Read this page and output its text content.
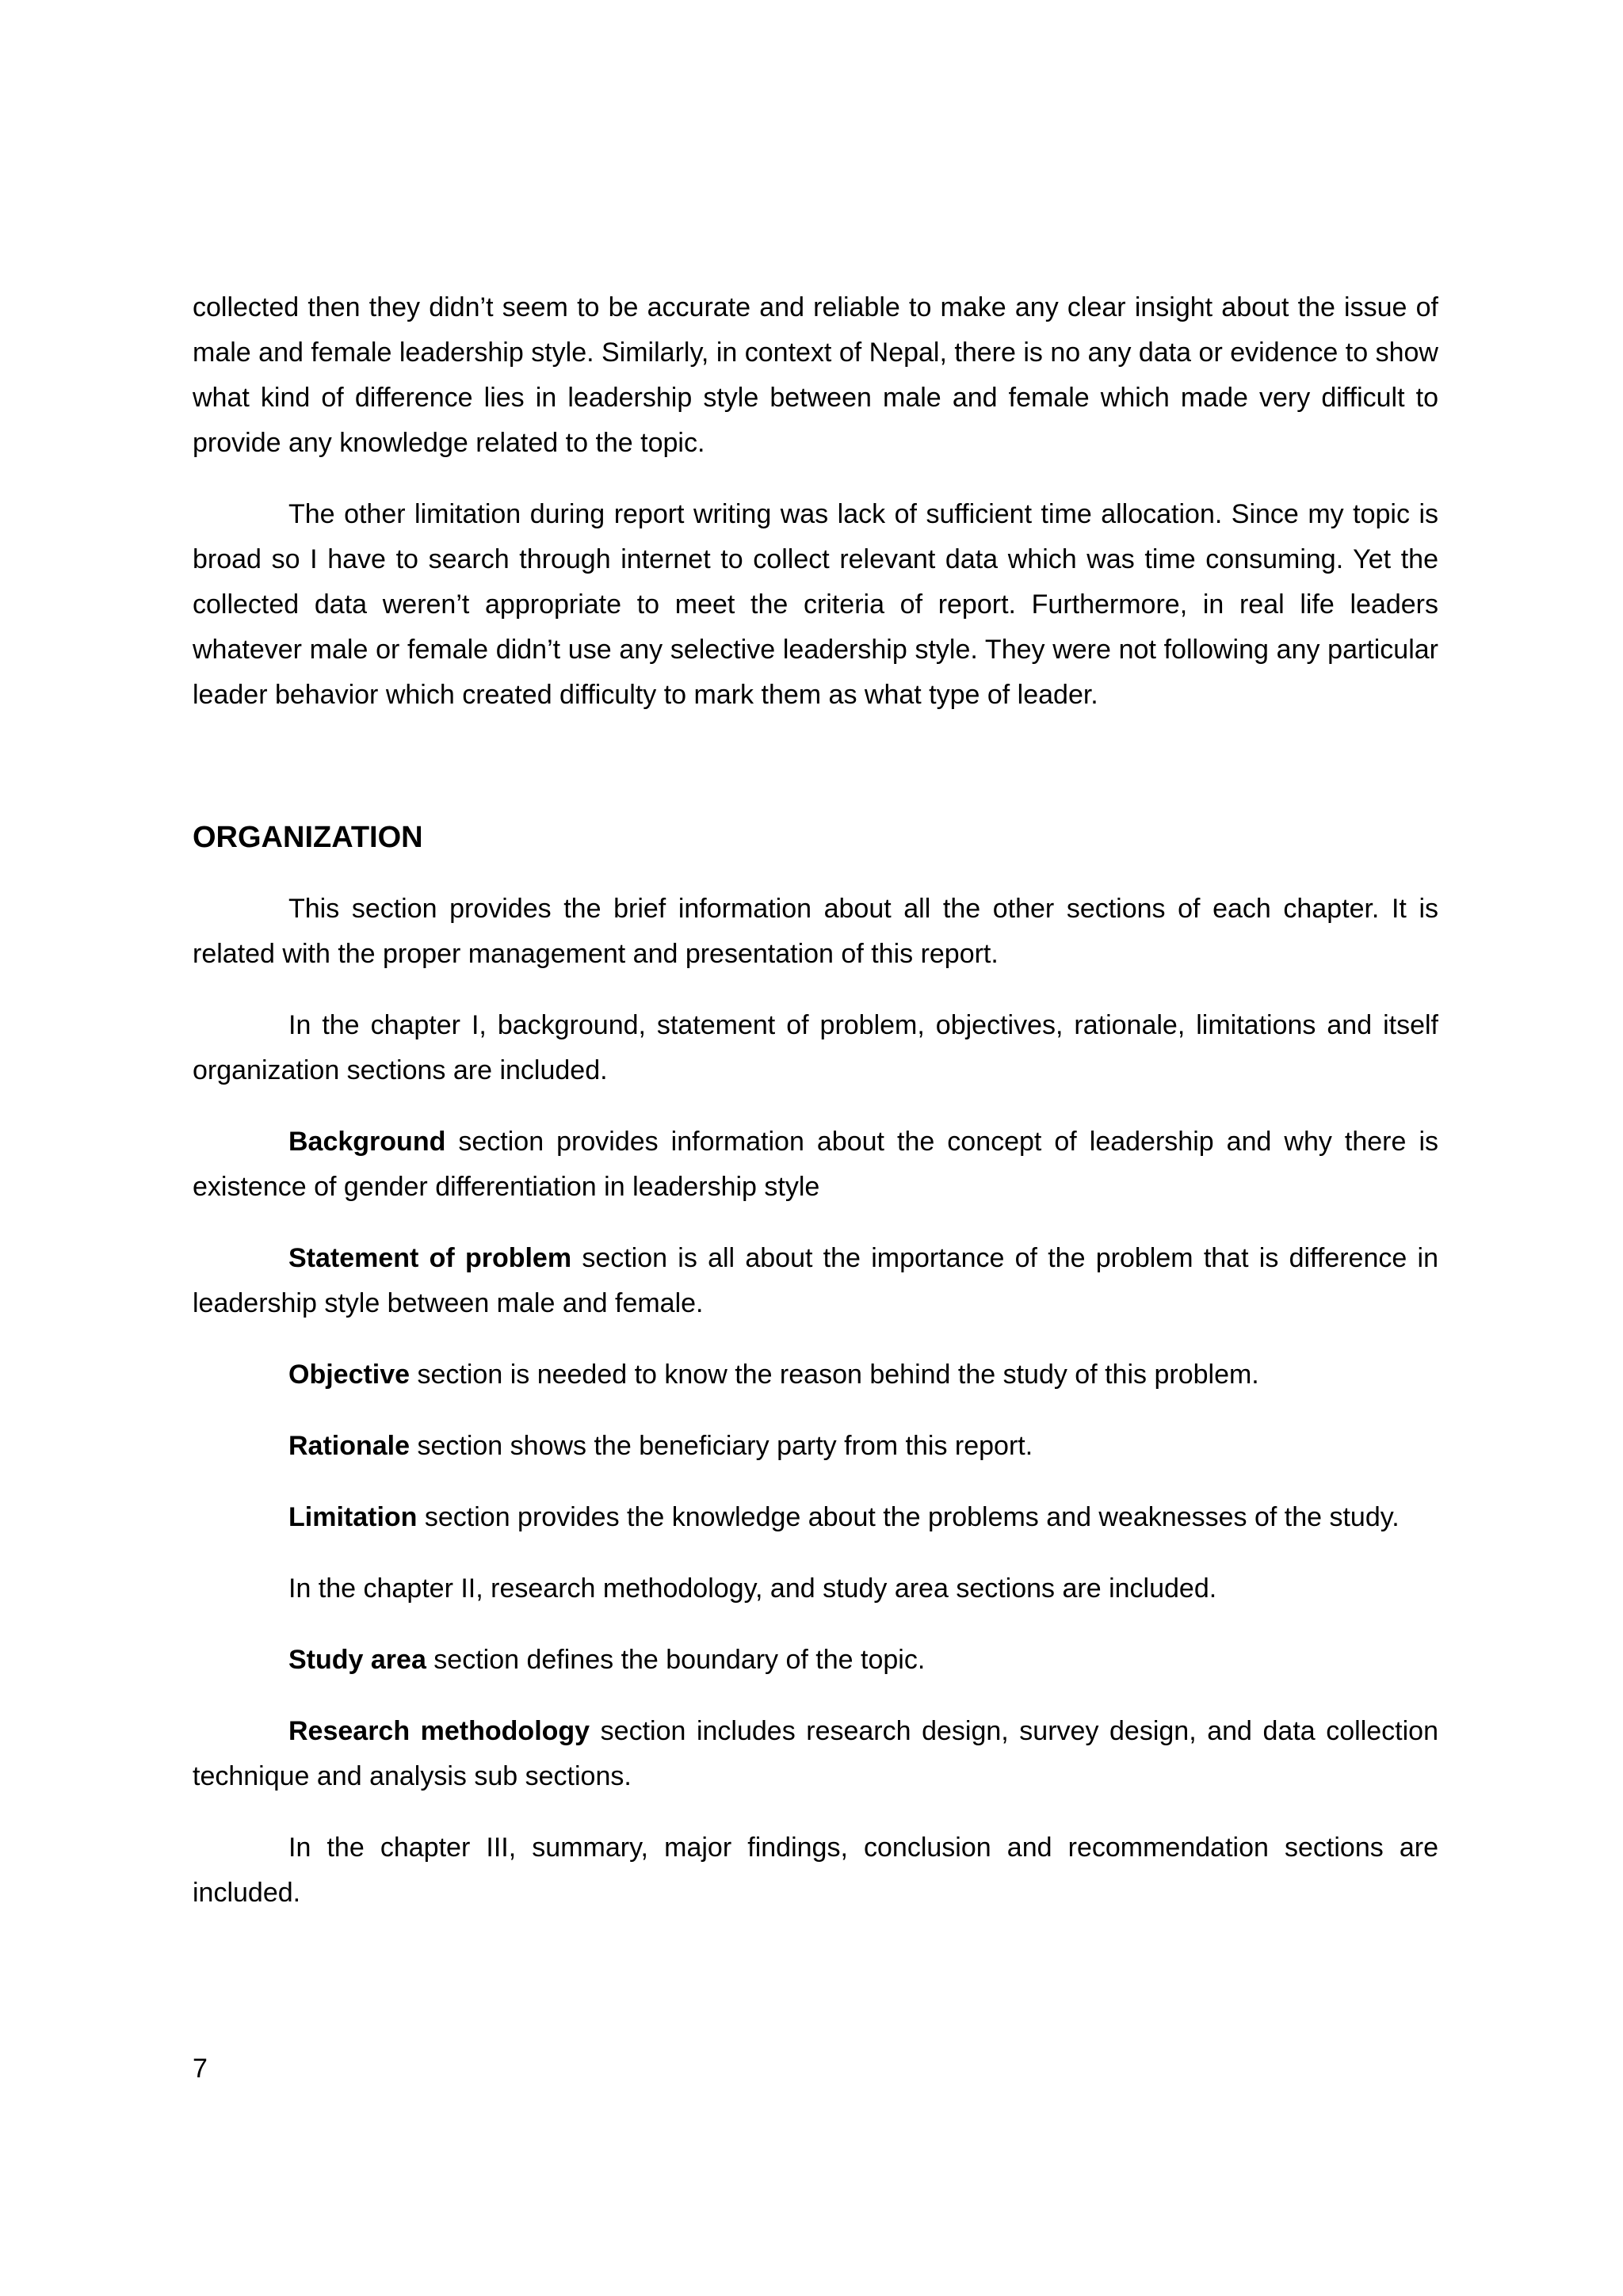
collected then they didn’t seem to be accurate and reliable to make any clear insight about the issue of male and female leadership style. Similarly, in context of Nepal, there is no any data or evidence to show what kind of difference lies in leadership style between male and female which made very difficult to provide any knowledge related to the topic.

The other limitation during report writing was lack of sufficient time allocation. Since my topic is broad so I have to search through internet to collect relevant data which was time consuming. Yet the collected data weren’t appropriate to meet the criteria of report. Furthermore, in real life leaders whatever male or female didn’t use any selective leadership style. They were not following any particular leader behavior which created difficulty to mark them as what type of leader.

ORGANIZATION

This section provides the brief information about all the other sections of each chapter. It is related with the proper management and presentation of this report.

In the chapter I, background, statement of problem, objectives, rationale, limitations and itself organization sections are included.

Background section provides information about the concept of leadership and why there is existence of gender differentiation in leadership style

Statement of problem section is all about the importance of the problem that is difference in leadership style between male and female.

Objective section is needed to know the reason behind the study of this problem.

Rationale section shows the beneficiary party from this report.

Limitation section provides the knowledge about the problems and weaknesses of the study.

In the chapter II, research methodology, and study area sections are included.

Study area section defines the boundary of the topic.

Research methodology section includes research design, survey design, and data collection technique and analysis sub sections.

In the chapter III, summary, major findings, conclusion and recommendation sections are included.

7
